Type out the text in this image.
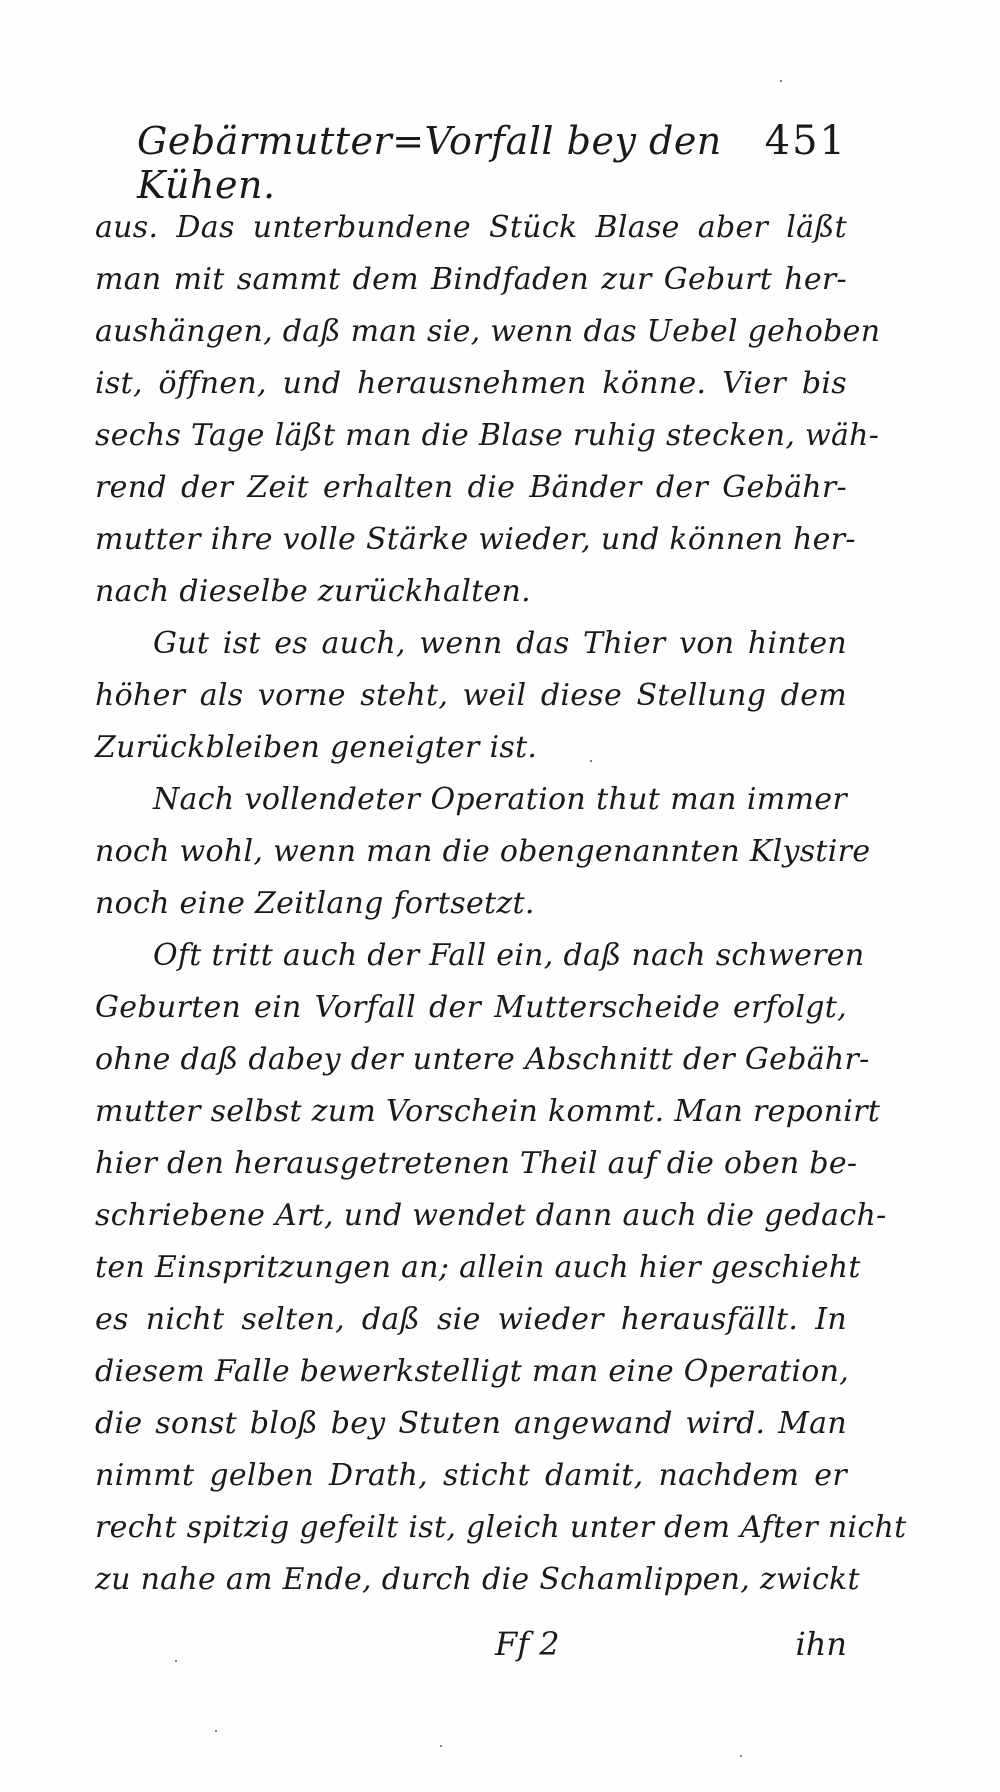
Gebärmutter=Vorfall bey den Kühen.
451
aus. Das unterbundene Stück Blase aber läßt
man mit sammt dem Bindfaden zur Geburt her-
aushängen, daß man sie, wenn das Uebel gehoben
ist, öffnen, und herausnehmen könne. Vier bis
sechs Tage läßt man die Blase ruhig stecken, wäh-
rend der Zeit erhalten die Bänder der Gebähr-
mutter ihre volle Stärke wieder, und können her-
nach dieselbe zurückhalten.
Gut ist es auch, wenn das Thier von hinten
höher als vorne steht, weil diese Stellung dem
Zurückbleiben geneigter ist.
Nach vollendeter Operation thut man immer
noch wohl, wenn man die obengenannten Klystire
noch eine Zeitlang fortsetzt.
Oft tritt auch der Fall ein, daß nach schweren
Geburten ein Vorfall der Mutterscheide erfolgt,
ohne daß dabey der untere Abschnitt der Gebähr-
mutter selbst zum Vorschein kommt. Man reponirt
hier den herausgetretenen Theil auf die oben be-
schriebene Art, und wendet dann auch die gedach-
ten Einspritzungen an; allein auch hier geschieht
es nicht selten, daß sie wieder herausfällt. In
diesem Falle bewerkstelligt man eine Operation,
die sonst bloß bey Stuten angewand wird. Man
nimmt gelben Drath, sticht damit, nachdem er
recht spitzig gefeilt ist, gleich unter dem After nicht
zu nahe am Ende, durch die Schamlippen, zwickt
Ff 2	ihn
